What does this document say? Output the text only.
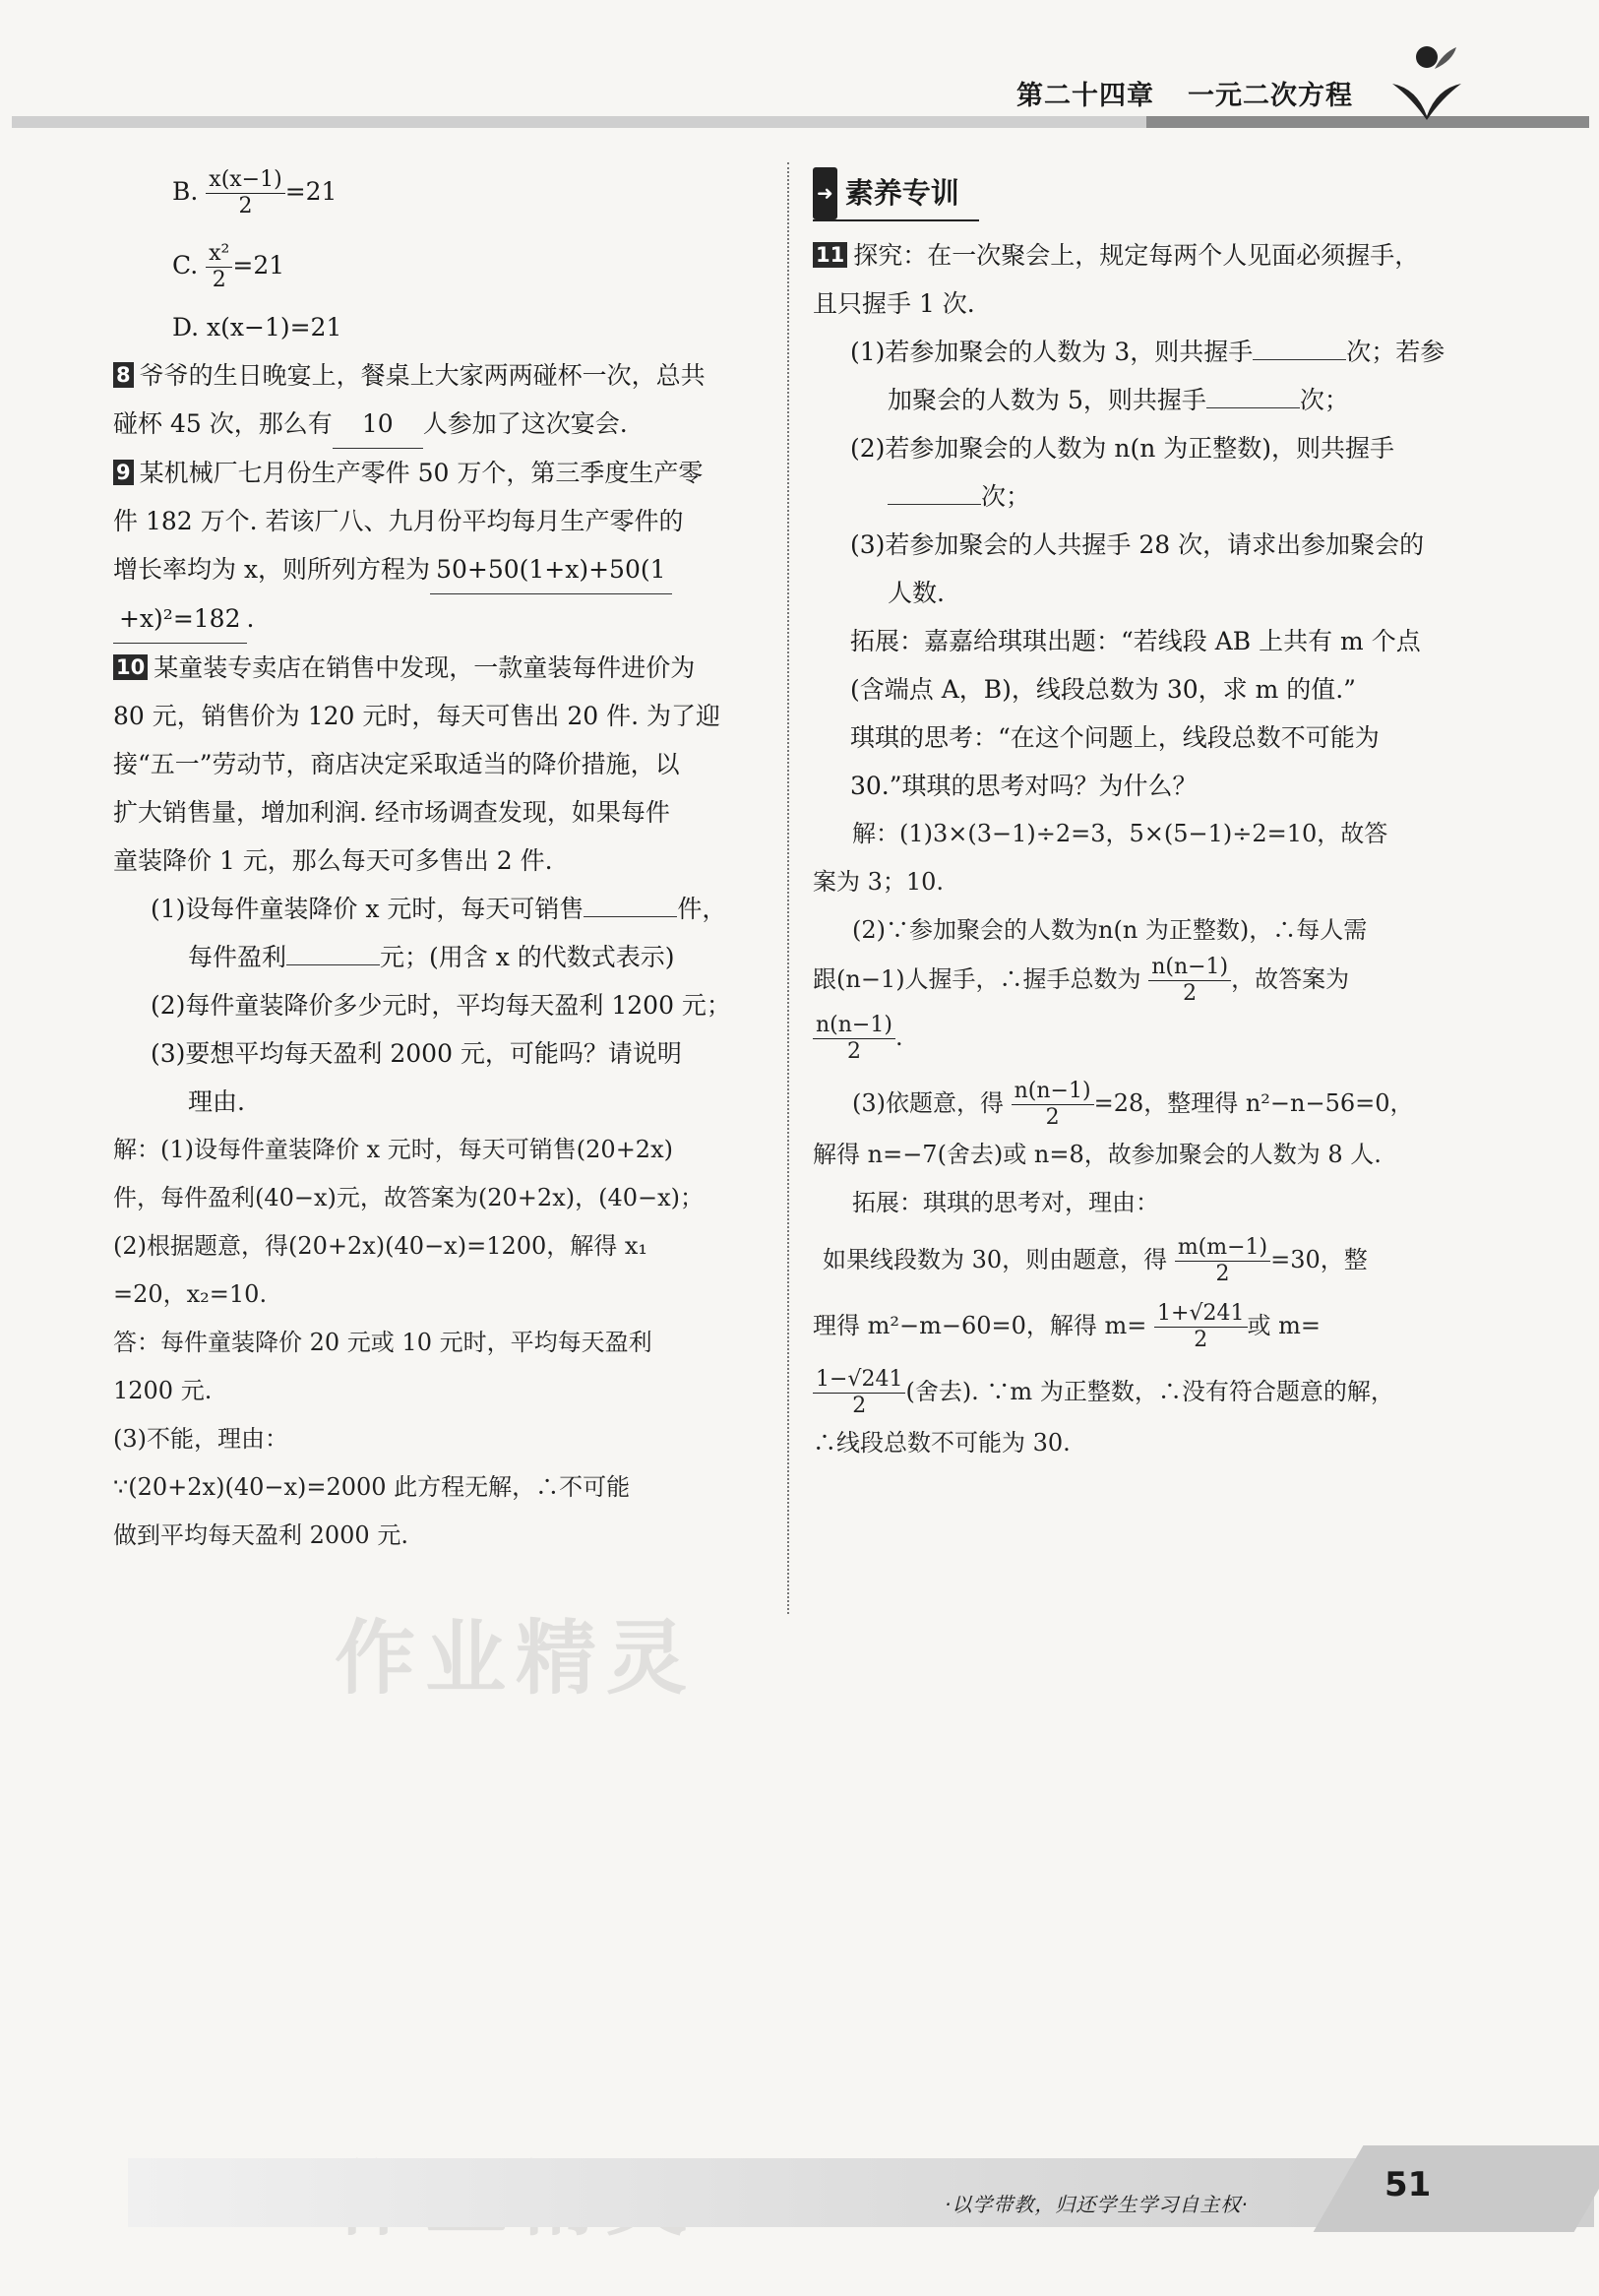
第二十四章 一元二次方程
B. $\frac{x(x-1)}{2} =21$
C. $\frac{\text{x²}}{2} =21$
D. x(x−1)=21
8 爷爷的生日晚宴上，餐桌上大家两两碰杯一次，总共
碰杯 45 次，那么有 10 人参加了这次宴会.
9 某机械厂七月份生产零件 50 万个，第三季度生产零
件 182 万个. 若该厂八、九月份平均每月生产零件的
增长率均为 x，则所列方程为 50+50(1+x)+50(1
+x)²=182 .
10 某童装专卖店在销售中发现，一款童装每件进价为
80 元，销售价为 120 元时，每天可售出 20 件. 为了迎
接“五一”劳动节，商店决定采取适当的降价措施，以
扩大销售量，增加利润. 经市场调查发现，如果每件
童装降价 1 元，那么每天可多售出 2 件.
(1)设每件童装降价 x 元时，每天可销售	件，
每件盈利	元；(用含 x 的代数式表示)
(2)每件童装降价多少元时，平均每天盈利 1200 元；
(3)要想平均每天盈利 2000 元，可能吗？请说明
理由.
解：(1)设每件童装降价 x 元时，每天可销售(20+2x)
件，每件盈利(40−x)元，故答案为(20+2x)，(40−x)；
(2)根据题意，得(20+2x)(40−x)=1200，解得 x₁
=20，x₂=10.
答：每件童装降价 20 元或 10 元时，平均每天盈利
1200 元.
(3)不能，理由：
∵(20+2x)(40−x)=2000 此方程无解，∴不可能
做到平均每天盈利 2000 元.
➜ 素养专训
11 探究：在一次聚会上，规定每两个人见面必须握手，
且只握手 1 次.
(1)若参加聚会的人数为 3，则共握手	次；若参
加聚会的人数为 5，则共握手	次；
(2)若参加聚会的人数为 n(n 为正整数)，则共握手
次；
(3)若参加聚会的人共握手 28 次，请求出参加聚会的
人数.
拓展：嘉嘉给琪琪出题：“若线段 AB 上共有 m 个点
(含端点 A，B)，线段总数为 30，求 m 的值.”
琪琪的思考：“在这个问题上，线段总数不可能为
30.”琪琪的思考对吗？为什么？
解：(1)3×(3−1)÷2=3，5×(5−1)÷2=10，故答
案为 3；10.
(2)∵参加聚会的人数为n(n 为正整数)，∴每人需
跟(n−1)人握手，∴握手总数为 $\frac{n(n-1)}{2}$ ，故答案为
$\frac{n(n-1)}{2}$ .
(3)依题意，得 $\frac{n(n-1)}{2} =28$，整理得 n²−n−56=0，
解得 n=−7(舍去)或 n=8，故参加聚会的人数为 8 人.
拓展：琪琪的思考对，理由：
如果线段数为 30，则由题意，得 $\frac{m(m-1)}{2} =30$，整
理得 m²−m−60=0，解得 $m= \frac{1+√241}{2}$ 或 m=
$\frac{1-√241}{2}$ (舍去). ∵m 为正整数，∴没有符合题意的解，
∴线段总数不可能为 30.
作业精灵
·以学带教，归还学生学习自主权·	51
